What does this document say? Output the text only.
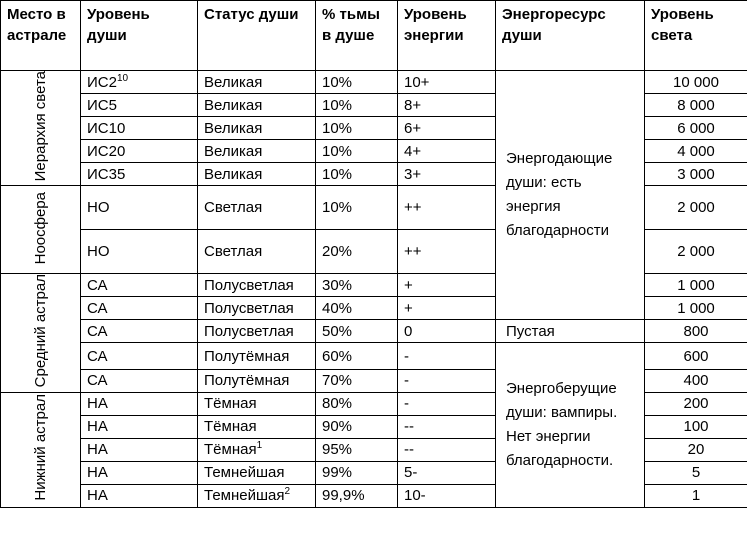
Место в астрале	Уровень души	Статус души	% тьмы в душе	Уровень энергии	Энергоресурс души	Уровень света
Иерархия света	$ИС2^{10}$	Великая	10%	10+	Энергодающие души: есть энергия благодарности	10 000
	ИС5	Великая	10%	8+		8 000
	ИС10	Великая	10%	6+		6 000
	ИС20	Великая	10%	4+		4 000
	ИС35	Великая	10%	3+		3 000
Ноосфера	НО	Светлая	10%	++		2 000
	НО	Светлая	20%	++		2 000
Средний астрал	СА	Полусветлая	30%	+		1 000
	СА	Полусветлая	40%	+		1 000
	СА	Полусветлая	50%	0	Пустая	800
	СА	Полутёмная	60%	-	Энергоберущие души: вампиры. Нет энергии благодарности.	600
	СА	Полутёмная	70%	-		400
Нижний астрал	НА	Тёмная	80%	-		200
	НА	Тёмная	90%	--		100
	НА	Тёмная$^1$	95%	--		20
	НА	Темнейшая	99%	5-		5
	НА	Темнейшая$^2$	99,9%	10-		1
